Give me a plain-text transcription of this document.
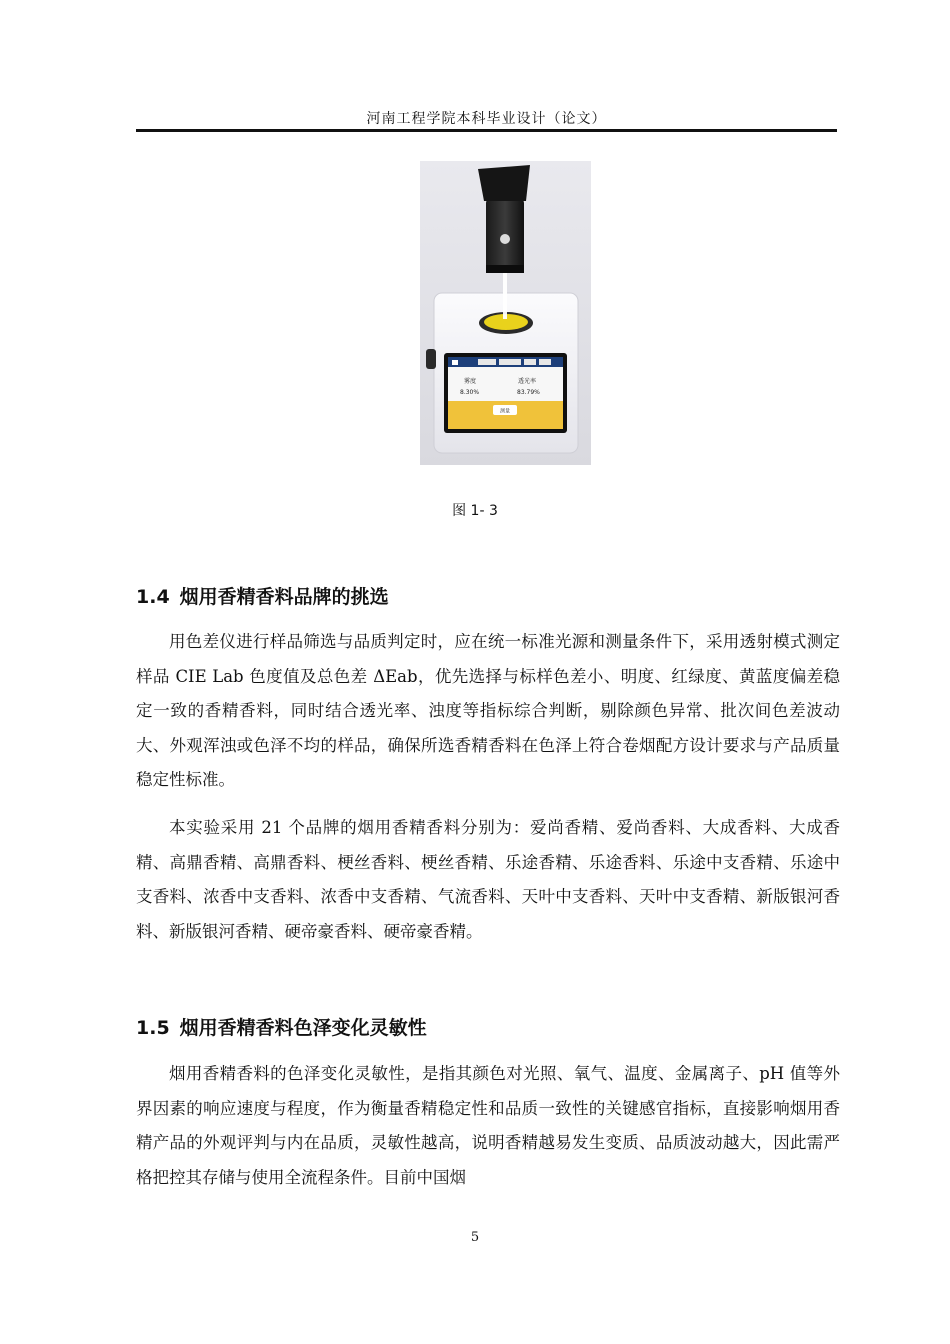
河南工程学院本科毕业设计（论文）
雾度
8.30%
透光率
83.79%
测量
图 1- 3
1.4 烟用香精香料品牌的挑选

用色差仪进行样品筛选与品质判定时，应在统一标准光源和测量条件下，采用透射模式测定样品 CIE Lab 色度值及总色差 ΔEab，优先选择与标样色差小、明度、红绿度、黄蓝度偏差稳定一致的香精香料，同时结合透光率、浊度等指标综合判断，剔除颜色异常、批次间色差波动大、外观浑浊或色泽不均的样品，确保所选香精香料在色泽上符合卷烟配方设计要求与产品质量稳定性标准。

本实验采用 21 个品牌的烟用香精香料分别为：爱尚香精、爱尚香料、大成香料、大成香精、高鼎香精、高鼎香料、梗丝香料、梗丝香精、乐途香精、乐途香料、乐途中支香精、乐途中支香料、浓香中支香料、浓香中支香精、气流香料、天叶中支香料、天叶中支香精、新版银河香料、新版银河香精、硬帝豪香料、硬帝豪香精。

1.5 烟用香精香料色泽变化灵敏性

烟用香精香料的色泽变化灵敏性，是指其颜色对光照、氧气、温度、金属离子、pH 值等外界因素的响应速度与程度，作为衡量香精稳定性和品质一致性的关键感官指标，直接影响烟用香精产品的外观评判与内在品质，灵敏性越高，说明香精越易发生变质、品质波动越大，因此需严格把控其存储与使用全流程条件。目前中国烟

5
